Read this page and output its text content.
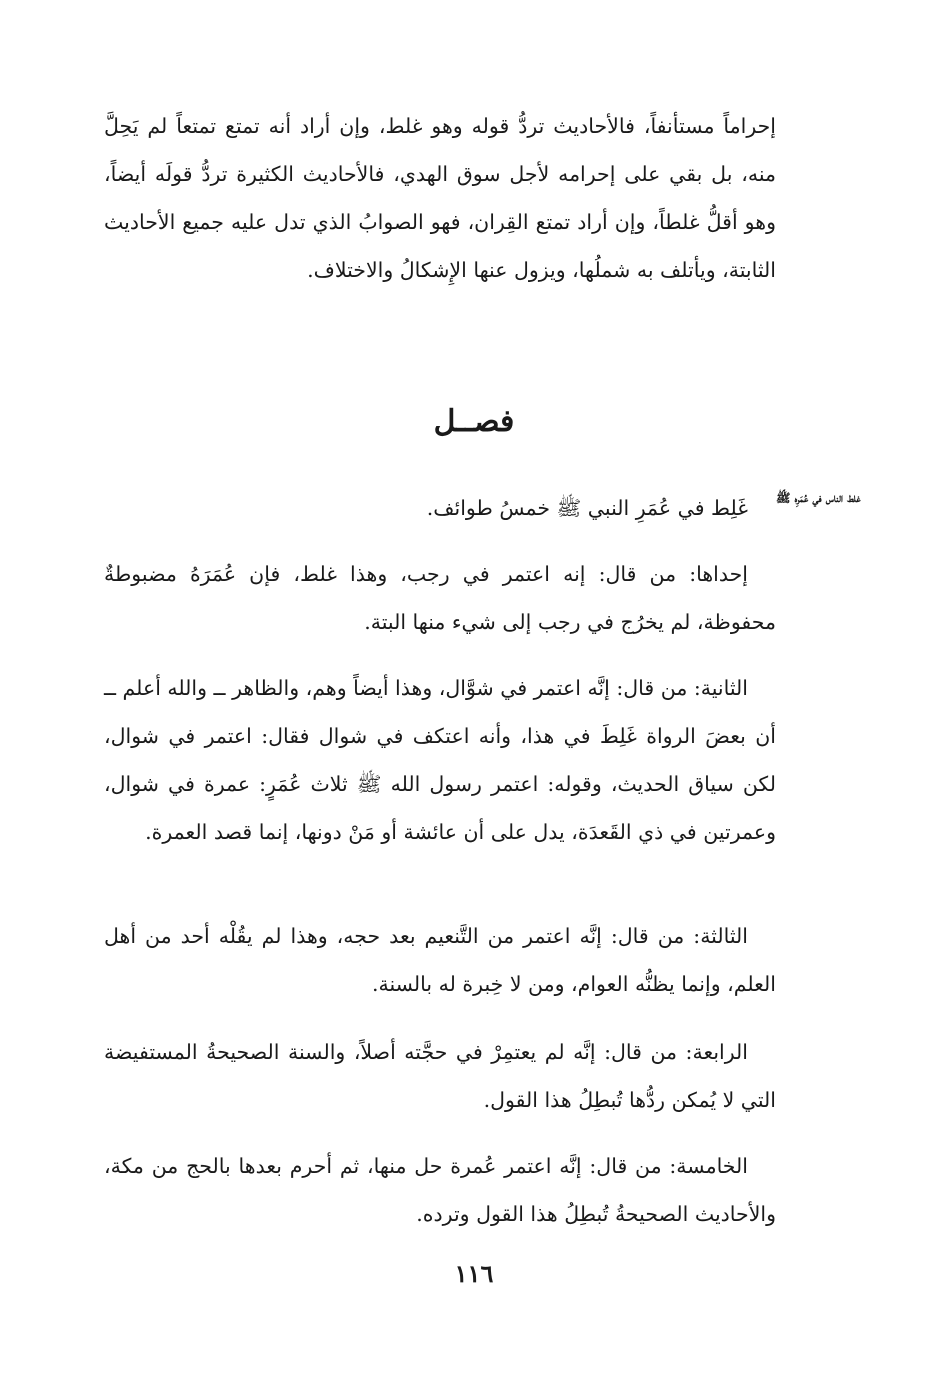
إحراماً مستأنفاً، فالأحاديث تردُّ قوله وهو غلط، وإن أراد أنه تمتع تمتعاً لم يَحِلَّ منه، بل بقي على إحرامه لأجل سوق الهدي، فالأحاديث الكثيرة تردُّ قولَه أيضاً، وهو أقلُّ غلطاً، وإن أراد تمتع القِران، فهو الصوابُ الذي تدل عليه جميع الأحاديث الثابتة، ويأتلف به شملُها، ويزول عنها الإِشكالُ والاختلاف.

فصــل
غلط الناس في عُمَرِه ﷺ

غَلِط في عُمَرِ النبي ﷺ خمسُ طوائف.

إحداها: من قال: إنه اعتمر في رجب، وهذا غلط، فإن عُمَرَهُ مضبوطةٌ محفوظة، لم يخرُج في رجب إلى شيء منها البتة.

الثانية: من قال: إنَّه اعتمر في شوَّال، وهذا أيضاً وهم، والظاهر ــ والله أعلم ــ أن بعضَ الرواة غَلِطَ في هذا، وأنه اعتكف في شوال فقال: اعتمر في شوال، لكن سياق الحديث، وقوله: اعتمر رسول الله ﷺ ثلاث عُمَرٍ: عمرة في شوال، وعمرتين في ذي القَعدَة، يدل على أن عائشة أو مَنْ دونها، إنما قصد العمرة.

الثالثة: من قال: إنَّه اعتمر من التَّنعيم بعد حجه، وهذا لم يقُلْه أحد من أهل العلم، وإنما يظنُّه العوام، ومن لا خِبرة له بالسنة.

الرابعة: من قال: إنَّه لم يعتمِرْ في حجَّته أصلاً، والسنة الصحيحةُ المستفيضة التي لا يُمكن ردُّها تُبطِلُ هذا القول.

الخامسة: من قال: إنَّه اعتمر عُمرة حل منها، ثم أحرم بعدها بالحج من مكة، والأحاديث الصحيحةُ تُبطِلُ هذا القول وترده.

١١٦
